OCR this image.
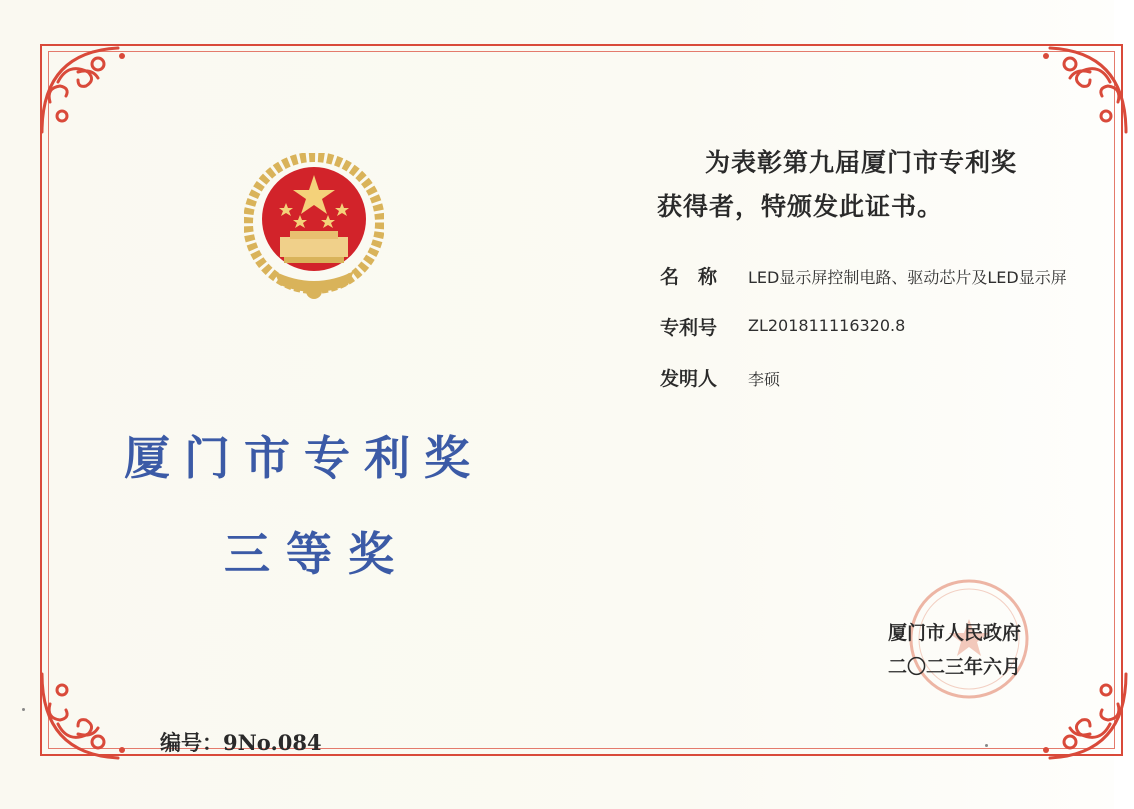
为表彰第九届厦门市专利奖
获得者，特颁发此证书。
名　称 LED显示屏控制电路、驱动芯片及LED显示屏
专利号 ZL201811116320.8
发明人 李硕
厦门市专利奖
三等奖
厦门市人民政府
二〇二三年六月
编号：9No.084
